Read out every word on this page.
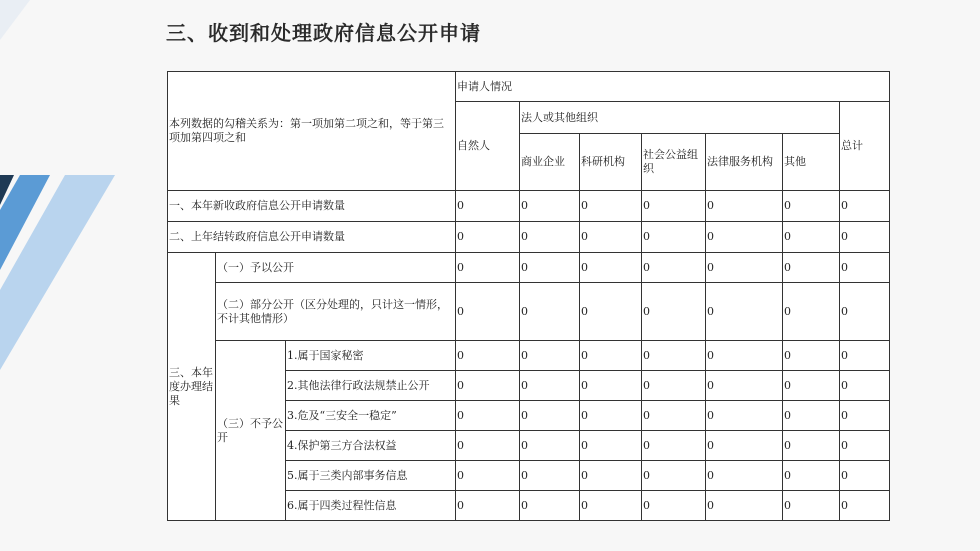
三、收到和处理政府信息公开申请
本列数据的勾稽关系为：第一项加第二项之和，等于第三项加第四项之和			申请人情况						
			自然人	法人或其他组织					总计
				商业企业	科研机构	社会公益组织	法律服务机构	其他	
一、本年新收政府信息公开申请数量			0	0	0	0	0	0	0
二、上年结转政府信息公开申请数量			0	0	0	0	0	0	0
三、本年度办理结果	（一）予以公开		0	0	0	0	0	0	0
	（二）部分公开（区分处理的，只计这一情形，不计其他情形）		0	0	0	0	0	0	0
	（三）不予公开	1.属于国家秘密	0	0	0	0	0	0	0
		2.其他法律行政法规禁止公开	0	0	0	0	0	0	0
		3.危及“三安全一稳定”	0	0	0	0	0	0	0
		4.保护第三方合法权益	0	0	0	0	0	0	0
		5.属于三类内部事务信息	0	0	0	0	0	0	0
		6.属于四类过程性信息	0	0	0	0	0	0	0
